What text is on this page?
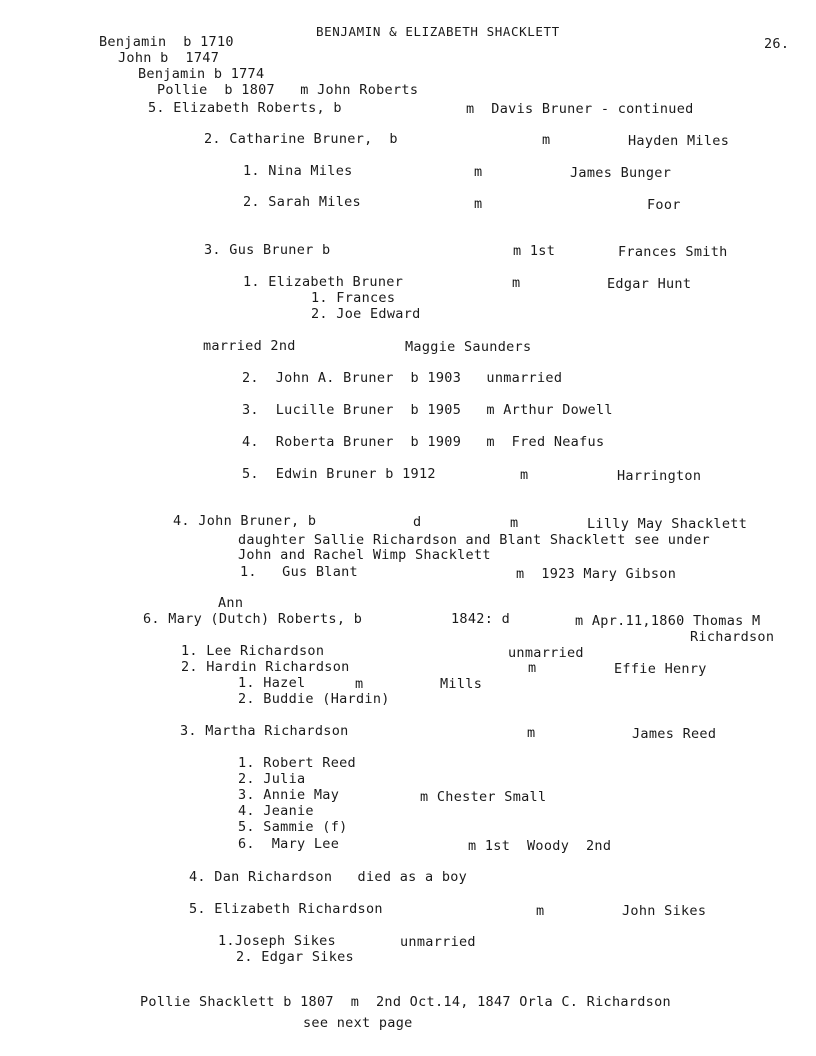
BENJAMIN & ELIZABETH SHACKLETT
26.
Benjamin  b 1710
John b  1747
Benjamin b 1774
Pollie  b 1807   m John Roberts
5. Elizabeth Roberts, b	m  Davis Bruner - continued
2. Catharine Bruner,  b	m	Hayden Miles
1. Nina Miles	m	James Bunger
2. Sarah Miles	m	Foor
3. Gus Bruner b	m 1st	Frances Smith
1. Elizabeth Bruner	m	Edgar Hunt
1. Frances
2. Joe Edward
married 2nd	Maggie Saunders
2.  John A. Bruner  b 1903   unmarried
3.  Lucille Bruner  b 1905   m Arthur Dowell
4.  Roberta Bruner  b 1909   m  Fred Neafus
5.  Edwin Bruner b 1912	m	Harrington
4. John Bruner, b	d	m	Lilly May Shacklett
daughter Sallie Richardson and Blant Shacklett see under
John and Rachel Wimp Shacklett
1.   Gus Blant	m  1923 Mary Gibson
Ann
6. Mary (Dutch) Roberts, b	1842: d	m Apr.11,1860 Thomas M
Richardson
1. Lee Richardson	unmarried
2. Hardin Richardson	m	Effie Henry
1. Hazel	m	Mills
2. Buddie (Hardin)
3. Martha Richardson	m	James Reed
1. Robert Reed
2. Julia
3. Annie May	m Chester Small
4. Jeanie
5. Sammie (f)
6.  Mary Lee	m 1st  Woody  2nd
4. Dan Richardson   died as a boy
5. Elizabeth Richardson	m	John Sikes
1.Joseph Sikes	unmarried
2. Edgar Sikes
Pollie Shacklett b 1807  m  2nd Oct.14, 1847 Orla C. Richardson
see next page
